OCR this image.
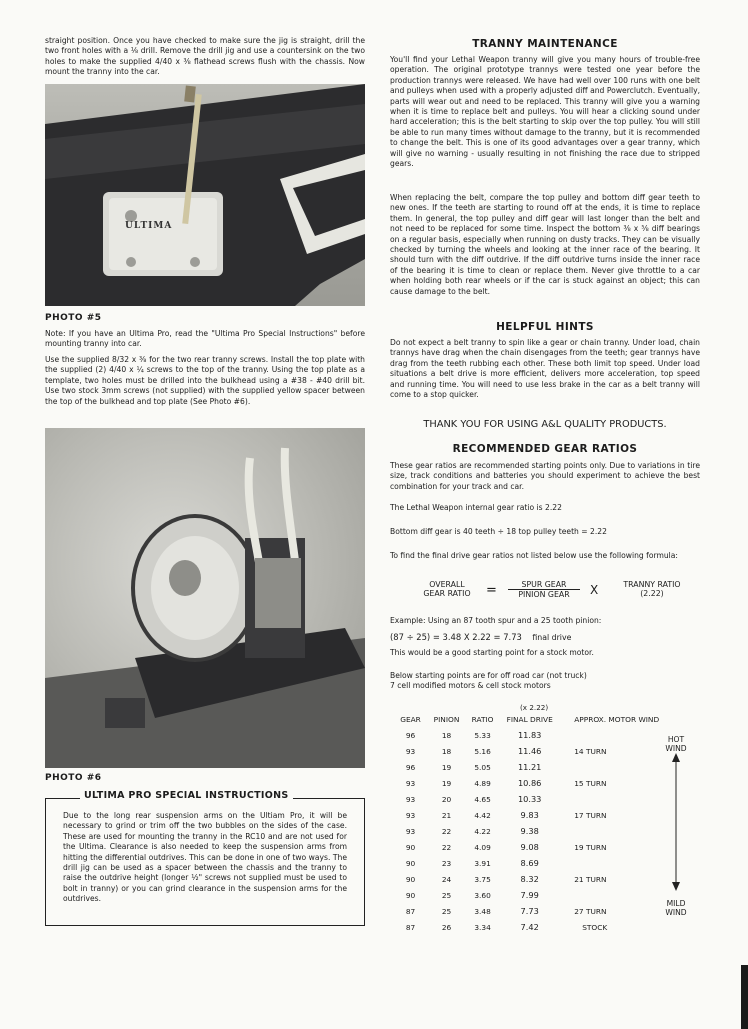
straight position. Once you have checked to make sure the jig is straight, drill the two front holes with a ⅛ drill. Remove the drill jig and use a countersink on the two holes to make the supplied 4/40 x ⅜ flathead screws flush with the chassis. Now mount the tranny into the car.

ULTIMA
PHOTO #5

Note: If you have an Ultima Pro, read the "Ultima Pro Special Instructions" before mounting tranny into car.

Use the supplied 8/32 x ⅜ for the two rear tranny screws. Install the top plate with the supplied (2) 4/40 x ¼ screws to the top of the tranny. Using the top plate as a template, two holes must be drilled into the bulkhead using a #38 - #40 drill bit. Use two stock 3mm screws (not supplied) with the supplied yellow spacer between the top of the bulkhead and top plate (See Photo #6).

PHOTO #6
ULTIMA PRO SPECIAL INSTRUCTIONS

Due to the long rear suspension arms on the Ultiam Pro, it will be necessary to grind or trim off the two bubbles on the sides of the case. These are used for mounting the tranny in the RC10 and are not used for the Ultima. Clearance is also needed to keep the suspension arms from hitting the differential outdrives. This can be done in one of two ways. The drill jig can be used as a spacer between the chassis and the tranny to raise the outdrive height (longer ½" screws not supplied must be used to bolt in tranny) or you can grind clearance in the suspension arms for the outdrives.

TRANNY MAINTENANCE

You'll find your Lethal Weapon tranny will give you many hours of trouble-free operation. The original prototype trannys were tested one year before the production trannys were released. We have had well over 100 runs with one belt and pulleys when used with a properly adjusted diff and Powerclutch. Eventually, parts will wear out and need to be replaced. This tranny will give you a warning when it is time to replace belt and pulleys. You will hear a clicking sound under hard acceleration; this is the belt starting to skip over the top pulley. You will still be able to run many times without damage to the tranny, but it is recommended to change the belt. This is one of its good advantages over a gear tranny, which will give no warning - usually resulting in not finishing the race due to stripped gears.

When replacing the belt, compare the top pulley and bottom diff gear teeth to new ones. If the teeth are starting to round off at the ends, it is time to replace them. In general, the top pulley and diff gear will last longer than the belt and not need to be replaced for some time. Inspect the bottom ⅜ x ⅝ diff bearings on a regular basis, especially when running on dusty tracks. They can be visually checked by turning the wheels and looking at the inner race of the bearing. It should turn with the diff outdrive. If the diff outdrive turns inside the inner race of the bearing it is time to clean or replace them. Never give throttle to a car when holding both rear wheels or if the car is stuck against an object; this can cause damage to the belt.

HELPFUL HINTS

Do not expect a belt tranny to spin like a gear or chain tranny. Under load, chain trannys have drag when the chain disengages from the teeth; gear trannys have drag from the teeth rubbing each other. These both limit top speed. Under load situations a belt drive is more efficient, delivers more acceleration, top speed and running time. You will need to use less brake in the car as a belt tranny will come to a stop quicker.

THANK YOU FOR USING A&L QUALITY PRODUCTS.
RECOMMENDED GEAR RATIOS

These gear ratios are recommended starting points only. Due to variations in tire size, track conditions and batteries you should experiment to achieve the best combination for your track and car.

The Lethal Weapon internal gear ratio is 2.22

Bottom diff gear is 40 teeth ÷ 18 top pulley teeth = 2.22

To find the final drive gear ratios not listed below use the following formula:

OVERALL
GEAR RATIO	=	SPUR GEAR
PINION GEAR	X	TRANNY RATIO
(2.22)

Example: Using an 87 tooth spur and a 25 tooth pinion:

(87 ÷ 25) = 3.48 X 2.22 = 7.73 final drive

This would be a good starting point for a stock motor.

Below starting points are for off road car (not truck)

7 cell modified motors & cell stock motors

(x 2.22)
GEAR	PINION	RATIO	FINAL DRIVE	APPROX. MOTOR WIND
96	18	5.33	11.83	
93	18	5.16	11.46	14 TURN
96	19	5.05	11.21	
93	19	4.89	10.86	15 TURN
93	20	4.65	10.33	
93	21	4.42	9.83	17 TURN
93	22	4.22	9.38	
90	22	4.09	9.08	19 TURN
90	23	3.91	8.69	
90	24	3.75	8.32	21 TURN
90	25	3.60	7.99	
87	25	3.48	7.73	27 TURN
87	26	3.34	7.42	STOCK
HOT
WIND
MILD
WIND
